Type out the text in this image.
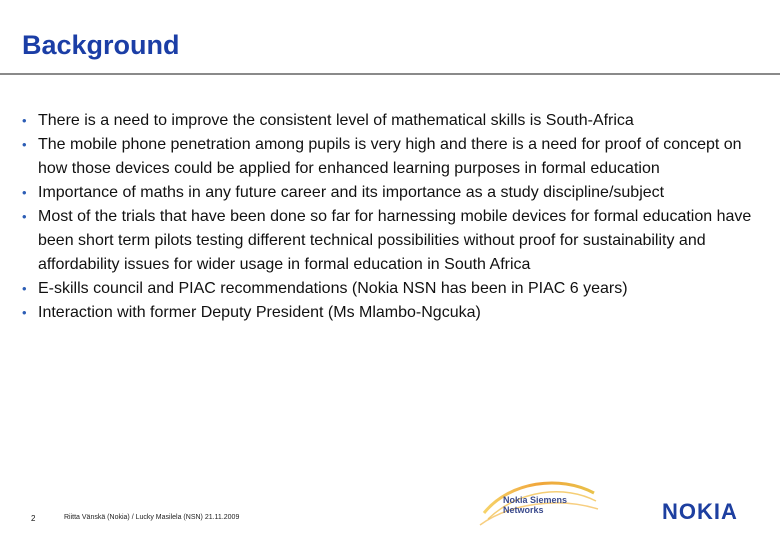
Background
• There is a need to improve the consistent level of mathematical skills is South-Africa
• The mobile phone penetration among pupils is very high and there is a need for proof of concept on how those devices could be applied for enhanced learning purposes in formal education
• Importance of maths in any future career and its importance as a study discipline/subject
• Most of the trials that have been done so far for harnessing mobile devices for formal education have been short term pilots testing different technical possibilities without proof for sustainability and affordability issues for wider usage in formal education in South Africa
• E-skills council and PIAC recommendations (Nokia NSN has been in PIAC 6 years)
• Interaction with former Deputy President (Ms Mlambo-Ngcuka)
2	Riitta Vänskä (Nokia) / Lucky Masilela (NSN) 21.11.2009
Nokia Siemens
Networks	NOKIA
